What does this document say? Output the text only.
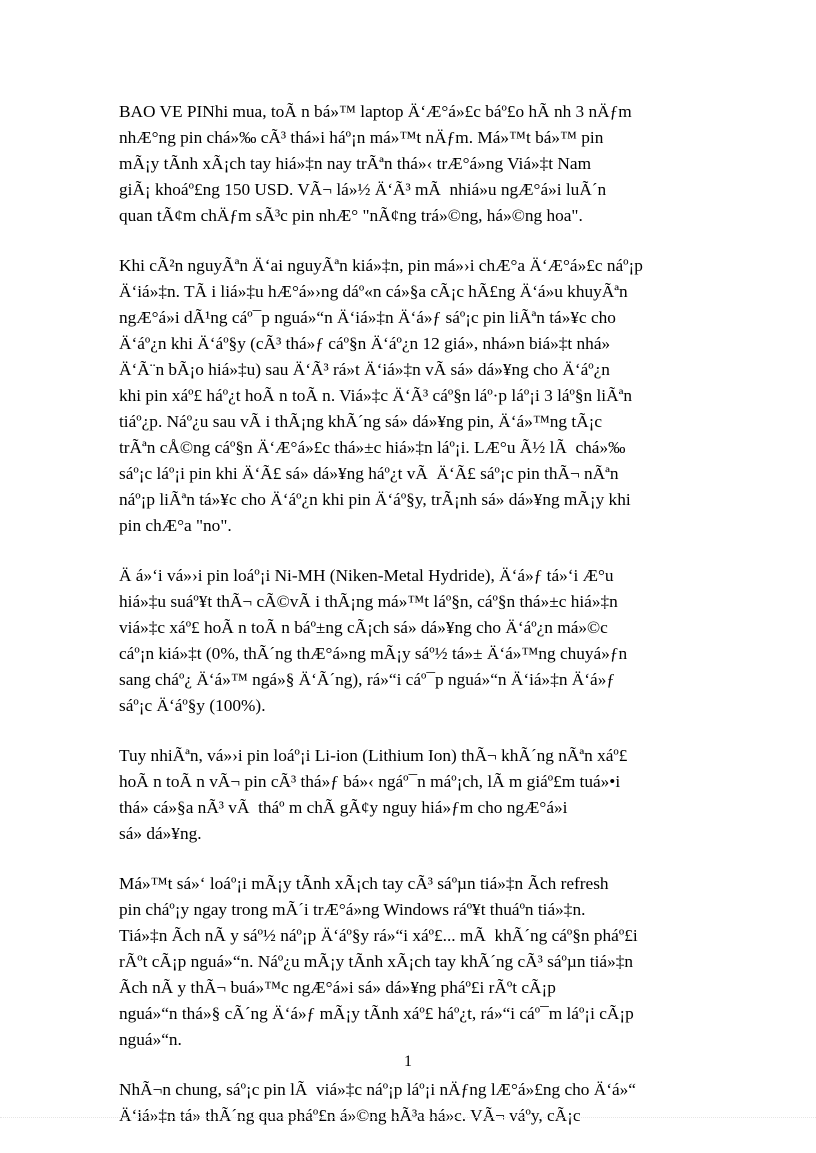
BAO VE PINhi mua, toÃ n bá»™ laptop Ä‘Æ°á»£c báº£o hÃ nh 3 nÄƒm
nhÆ°ng pin chá»‰ cÃ³ thá»i háº¡n má»™t nÄƒm. Má»™t bá»™ pin
mÃ¡y tÃnh xÃ¡ch tay hiá»‡n nay trÃªn thá»‹ trÆ°á»ng Viá»‡t Nam
giÃ¡ khoáº£ng 150 USD. VÃ¬ lá»½ Ä‘Ã³ mÃ  nhiá»u ngÆ°á»i luÃ´n
quan tÃ¢m chÄƒm sÃ³c pin nhÆ° "nÃ¢ng trá»©ng, há»©ng hoa".

Khi cÃ²n nguyÃªn Ä‘ai nguyÃªn kiá»‡n, pin má»›i chÆ°a Ä‘Æ°á»£c náº¡p
Ä‘iá»‡n. TÃ i liá»‡u hÆ°á»›ng dáº«n cá»§a cÃ¡c hÃ£ng Ä‘á»u khuyÃªn
ngÆ°á»i dÃ¹ng cáº¯p nguá»“n Ä‘iá»‡n Ä‘á»ƒ sáº¡c pin liÃªn tá»¥c cho
Ä‘áº¿n khi Ä‘áº§y (cÃ³ thá»ƒ cáº§n Ä‘áº¿n 12 giá», nhá»n biá»‡t nhá»
Ä‘Ã¨n bÃ¡o hiá»‡u) sau Ä‘Ã³ rá»t Ä‘iá»‡n vÃ sá» dá»¥ng cho Ä‘áº¿n
khi pin xáº£ háº¿t hoÃ n toÃ n. Viá»‡c Ä‘Ã³ cáº§n láº·p láº¡i 3 láº§n liÃªn
tiáº¿p. Náº¿u sau vÃ i thÃ¡ng khÃ´ng sá» dá»¥ng pin, Ä‘á»™ng tÃ¡c
trÃªn cÅ©ng cáº§n Ä‘Æ°á»£c thá»±c hiá»‡n láº¡i. LÆ°u Ã½ lÃ  chá»‰
sáº¡c láº¡i pin khi Ä‘Ã£ sá» dá»¥ng háº¿t vÃ  Ä‘Ã£ sáº¡c pin thÃ¬ nÃªn
náº¡p liÃªn tá»¥c cho Ä‘áº¿n khi pin Ä‘áº§y, trÃ¡nh sá» dá»¥ng mÃ¡y khi
pin chÆ°a "no".

Ä á»‘i vá»›i pin loáº¡i Ni-MH (Niken-Metal Hydride), Ä‘á»ƒ tá»‘i Æ°u
hiá»‡u suáº¥t thÃ¬ cÃ©vÃ i thÃ¡ng má»™t láº§n, cáº§n thá»±c hiá»‡n
viá»‡c xáº£ hoÃ n toÃ n báº±ng cÃ¡ch sá» dá»¥ng cho Ä‘áº¿n má»©c
cáº¡n kiá»‡t (0%, thÃ´ng thÆ°á»ng mÃ¡y sáº½ tá»± Ä‘á»™ng chuyá»ƒn
sang cháº¿ Ä‘á»™ ngá»§ Ä‘Ã´ng), rá»“i cáº¯p nguá»“n Ä‘iá»‡n Ä‘á»ƒ
sáº¡c Ä‘áº§y (100%).

Tuy nhiÃªn, vá»›i pin loáº¡i Li-ion (Lithium Ion) thÃ¬ khÃ´ng nÃªn xáº£
hoÃ n toÃ n vÃ¬ pin cÃ³ thá»ƒ bá»‹ ngáº¯n máº¡ch, lÃ m giáº£m tuá»•i
thá» cá»§a nÃ³ vÃ  tháº m chÃ gÃ¢y nguy hiá»ƒm cho ngÆ°á»i
sá» dá»¥ng.

Má»™t sá»‘ loáº¡i mÃ¡y tÃnh xÃ¡ch tay cÃ³ sáºµn tiá»‡n Ãch refresh
pin cháº¡y ngay trong mÃ´i trÆ°á»ng Windows ráº¥t thuáºn tiá»‡n.
Tiá»‡n Ãch nÃ y sáº½ náº¡p Ä‘áº§y rá»“i xáº£... mÃ  khÃ´ng cáº§n pháº£i
rÃºt cÃ¡p nguá»“n. Náº¿u mÃ¡y tÃnh xÃ¡ch tay khÃ´ng cÃ³ sáºµn tiá»‡n
Ãch nÃ y thÃ¬ buá»™c ngÆ°á»i sá» dá»¥ng pháº£i rÃºt cÃ¡p
nguá»“n thá»§ cÃ´ng Ä‘á»ƒ mÃ¡y tÃnh xáº£ háº¿t, rá»“i cáº¯m láº¡i cÃ¡p
nguá»“n.

NhÃ¬n chung, sáº¡c pin lÃ  viá»‡c náº¡p láº¡i nÄƒng lÆ°á»£ng cho Ä‘á»“
Ä‘iá»‡n tá» thÃ´ng qua pháº£n á»©ng hÃ³a há»c. VÃ¬ váºy, cÃ¡c

1
